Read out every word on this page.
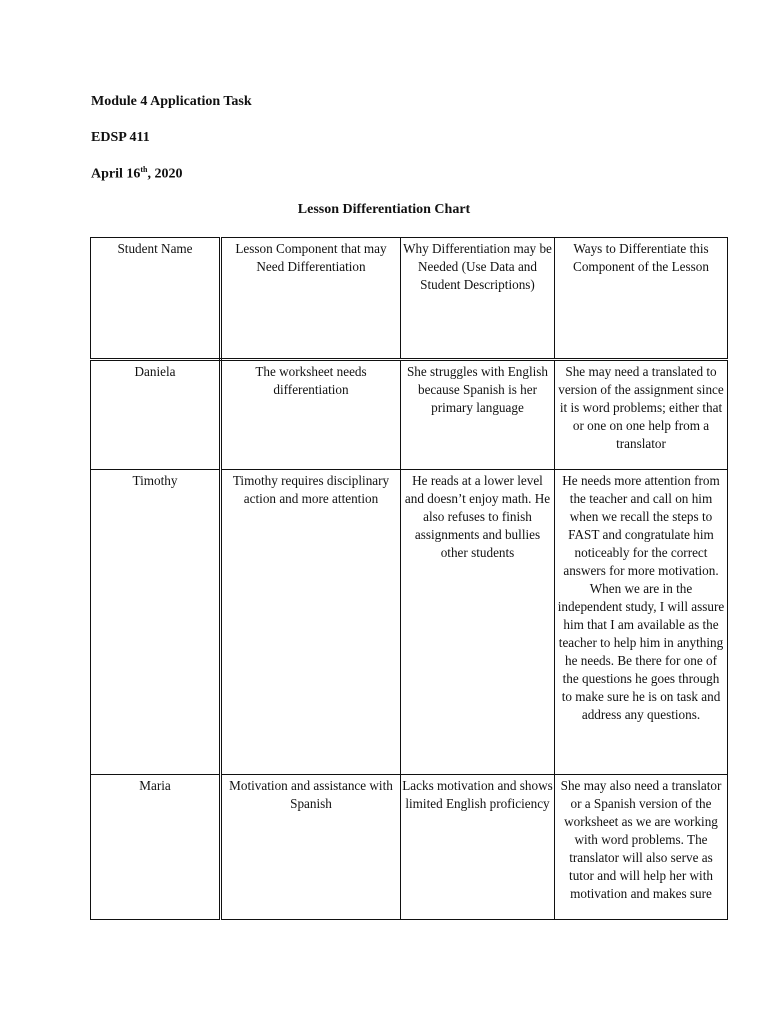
Module 4 Application Task

EDSP 411

April 16th, 2020

Lesson Differentiation Chart

Student Name	Lesson Component that may Need Differentiation	Why Differentiation may be Needed (Use Data and Student Descriptions)	Ways to Differentiate this Component of the Lesson
Daniela	The worksheet needs differentiation	She struggles with English because Spanish is her primary language	She may need a translated to version of the assignment since it is word problems; either that or one on one help from a translator
Timothy	Timothy requires disciplinary action and more attention	He reads at a lower level and doesn’t enjoy math. He also refuses to finish assignments and bullies other students	He needs more attention from the teacher and call on him when we recall the steps to FAST and congratulate him noticeably for the correct answers for more motivation. When we are in the independent study, I will assure him that I am available as the teacher to help him in anything he needs. Be there for one of the questions he goes through to make sure he is on task and address any questions.
Maria	Motivation and assistance with Spanish	Lacks motivation and shows limited English proficiency	She may also need a translator or a Spanish version of the worksheet as we are working with word problems. The translator will also serve as tutor and will help her with motivation and makes sure
